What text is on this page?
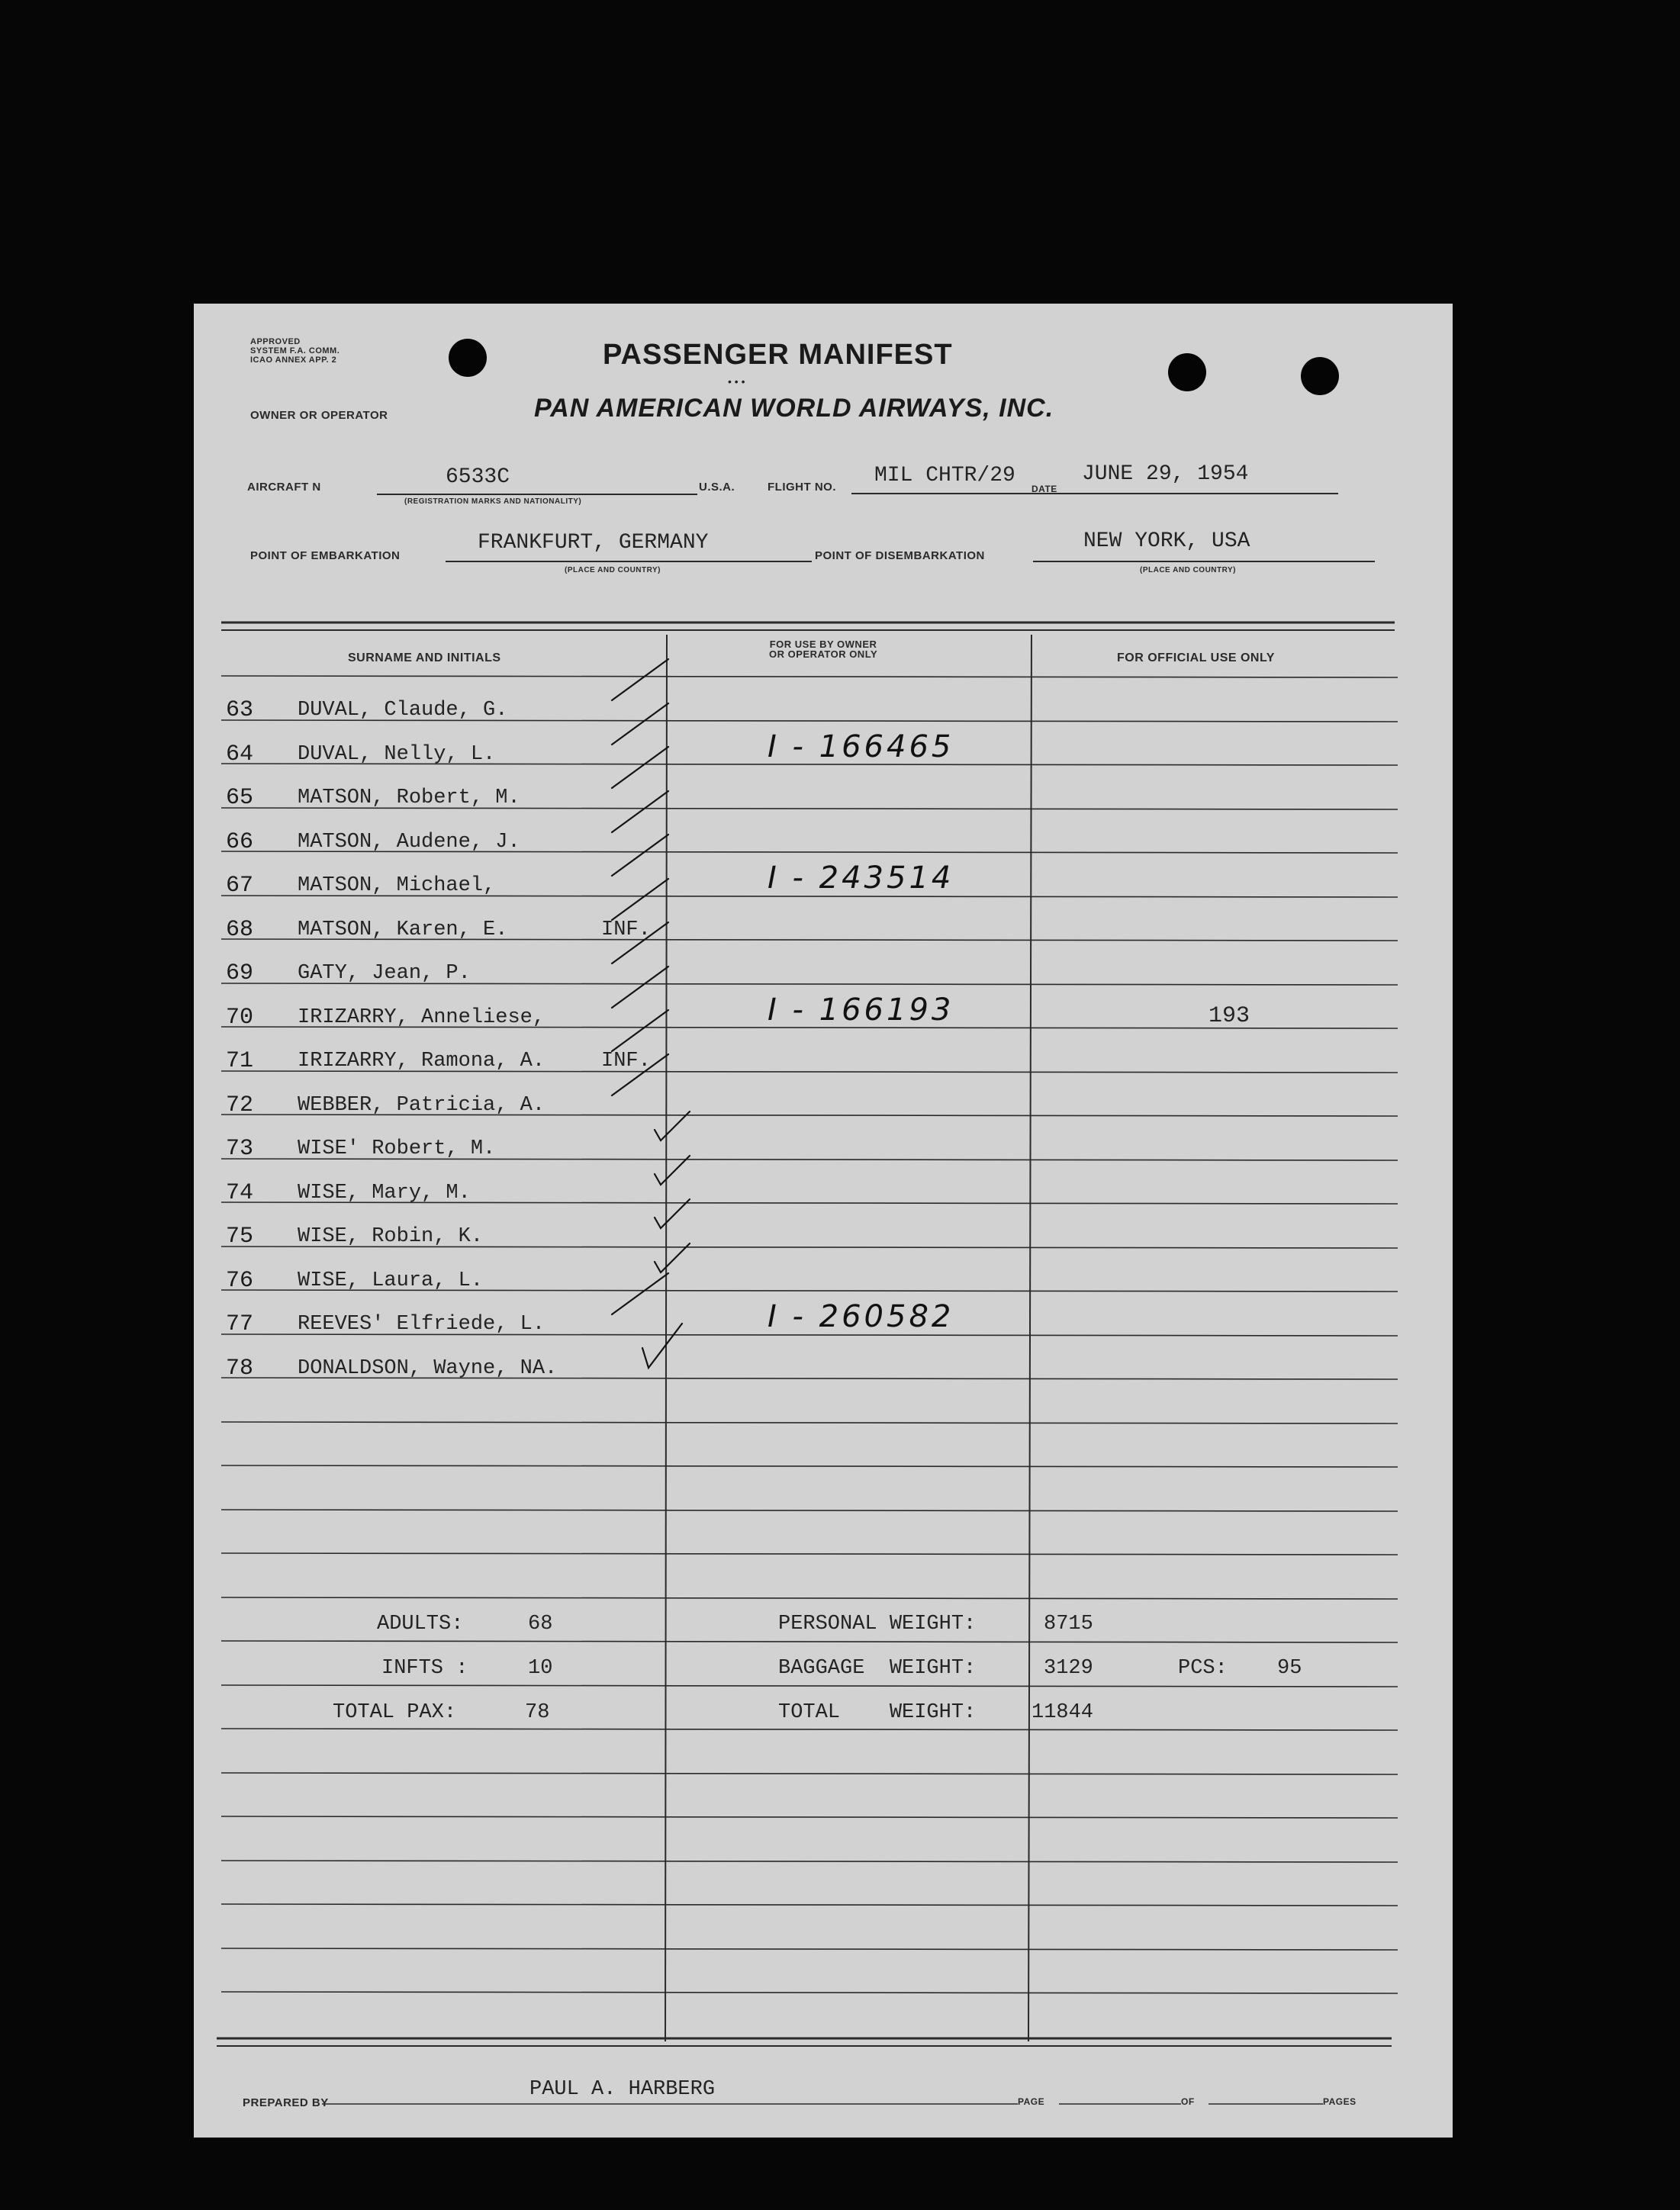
APPROVED
SYSTEM F.A. COMM.
ICAO ANNEX APP. 2	PASSENGER MANIFEST
• • •
PAN AMERICAN WORLD AIRWAYS, INC.
OWNER OR OPERATOR
AIRCRAFT N	6533C
(REGISTRATION MARKS AND NATIONALITY)
U.S.A.	FLIGHT NO. MIL CHTR/29
DATE
JUNE 29, 1954
POINT OF EMBARKATION
FRANKFURT, GERMANY
(PLACE AND COUNTRY)
POINT OF DISEMBARKATION
NEW YORK, USA
(PLACE AND COUNTRY)
SURNAME AND INITIALS
FOR USE BY OWNER
OR OPERATOR ONLY	FOR OFFICIAL USE ONLY
63 DUVAL, Claude, G.
64 DUVAL, Nelly, L.	I - 166465
65 MATSON, Robert, M.
66 MATSON, Audene, J.
67 MATSON, Michael,	I - 243514
68 MATSON, Karen, E.	INF.
69 GATY, Jean, P.
70 IRIZARRY, Anneliese,	I - 166193	193
71 IRIZARRY, Ramona, A.	INF.
72 WEBBER, Patricia, A.
73 WISE' Robert, M.
74 WISE, Mary, M.
75 WISE, Robin, K.
76 WISE, Laura, L.
77 REEVES' Elfriede, L.	I - 260582
78 DONALDSON, Wayne, NA.
ADULTS:	68
INFTS :	10
TOTAL PAX:	78
PERSONAL WEIGHT:	8715
BAGGAGE  WEIGHT:	3129	PCS: 95
TOTAL    WEIGHT:	11844
PREPARED BY
PAUL A. HARBERG
PAGE	OF	PAGES
